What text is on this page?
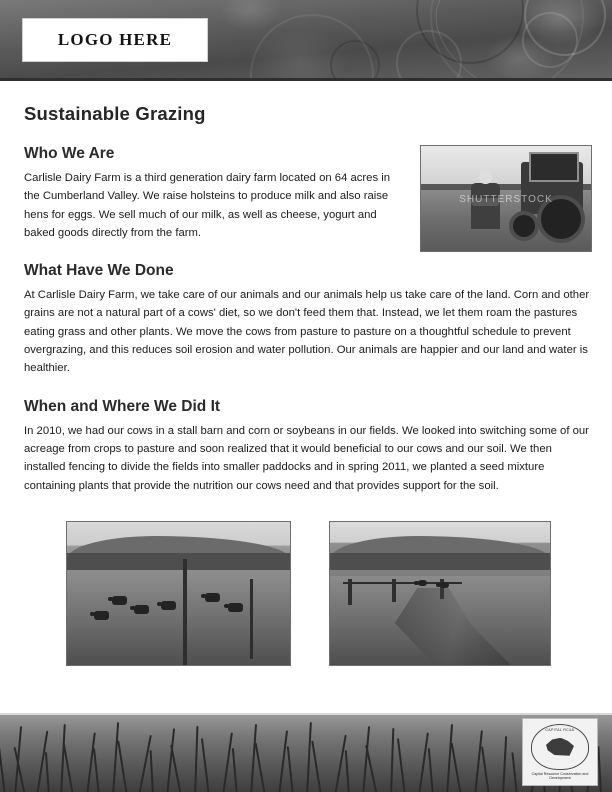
LOGO HERE
Sustainable Grazing
Who We Are

Carlisle Dairy Farm is a third generation dairy farm located on 64 acres in the Cumberland Valley. We raise holsteins to produce milk and also raise hens for eggs. We sell much of our milk, as well as cheese, yogurt and baked goods directly from the farm.

SHUTTERSTOCK
What Have We Done

At Carlisle Dairy Farm, we take care of our animals and our animals help us take care of the land. Corn and other grains are not a natural part of a cows' diet, so we don't feed them that. Instead, we let them roam the pastures eating grass and other plants. We move the cows from pasture to pasture on a thoughtful schedule to prevent overgrazing, and this reduces soil erosion and water pollution. Our animals are happier and our land and water is healthier.

When and Where We Did It

In 2010, we had our cows in a stall barn and corn or soybeans in our fields. We looked into switching some of our acreage from crops to pasture and soon realized that it would beneficial to our cows and our soil. We then installed fencing to divide the fields into smaller paddocks and in spring 2011, we planted a seed mixture containing plants that provide the nutrition our cows need and that provides support for the soil.

CAPITAL RC&D
Capital Resource Conservation and Development
